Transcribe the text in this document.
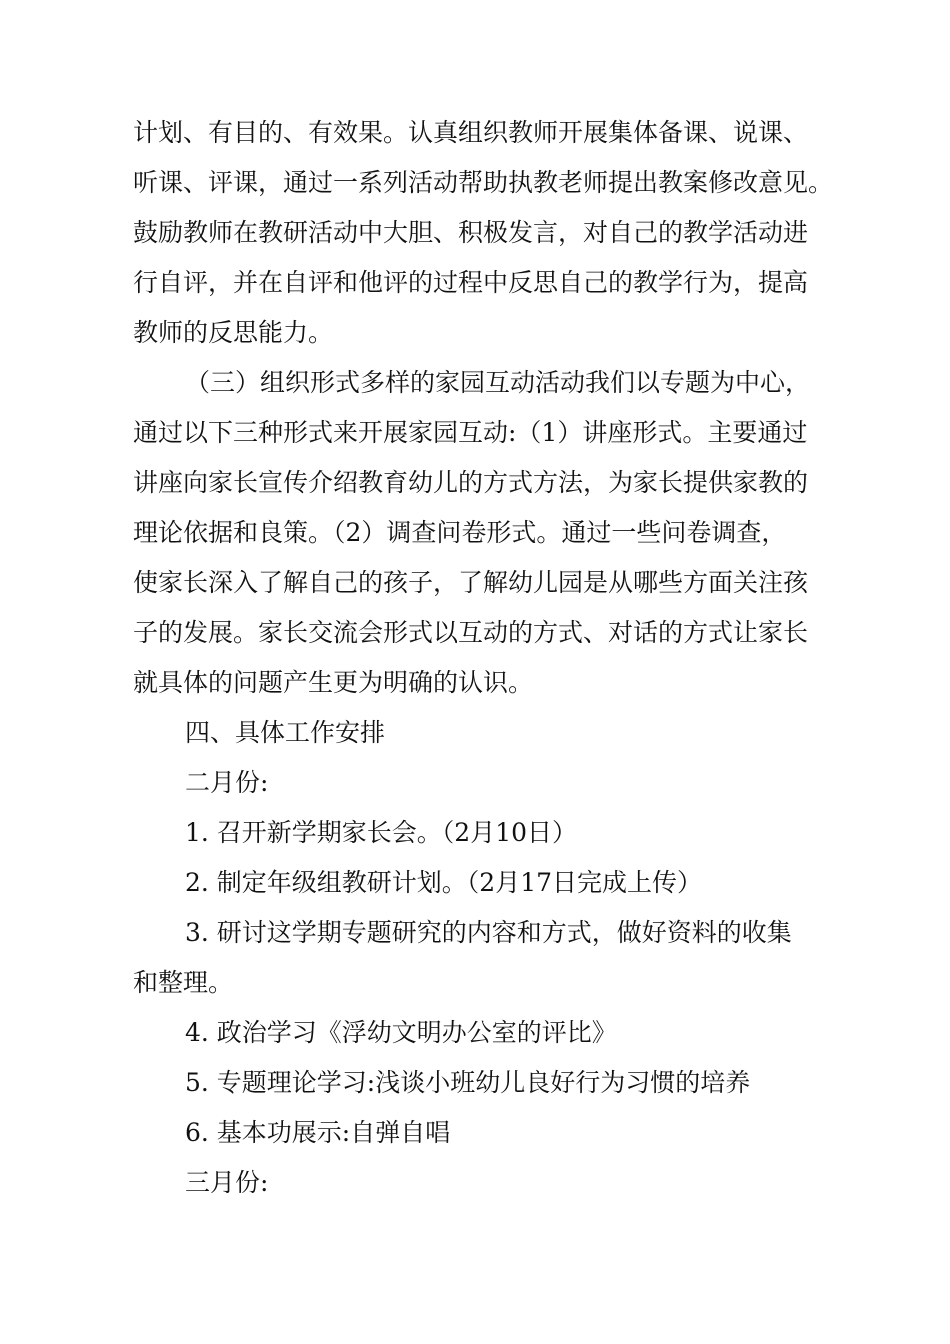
计划、有目的、有效果。认真组织教师开展集体备课、说课、
听课、评课，通过一系列活动帮助执教老师提出教案修改意见。
鼓励教师在教研活动中大胆、积极发言，对自己的教学活动进
行自评，并在自评和他评的过程中反思自己的教学行为，提高
教师的反思能力。
（三）组织形式多样的家园互动活动我们以专题为中心，
通过以下三种形式来开展家园互动:（1）讲座形式。主要通过
讲座向家长宣传介绍教育幼儿的方式方法，为家长提供家教的
理论依据和良策。（2）调查问卷形式。通过一些问卷调查，
使家长深入了解自己的孩子，了解幼儿园是从哪些方面关注孩
子的发展。家长交流会形式以互动的方式、对话的方式让家长
就具体的问题产生更为明确的认识。
四、具体工作安排
二月份:
1. 召开新学期家长会。（2月10日）
2. 制定年级组教研计划。（2月17日完成上传）
3. 研讨这学期专题研究的内容和方式，做好资料的收集
和整理。
4. 政治学习《浮幼文明办公室的评比》
5. 专题理论学习:浅谈小班幼儿良好行为习惯的培养
6. 基本功展示:自弹自唱
三月份:
